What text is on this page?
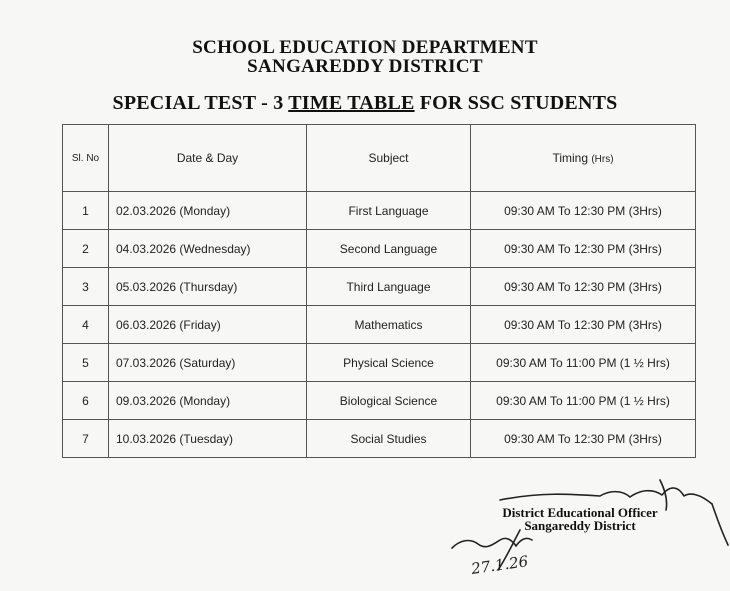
SCHOOL EDUCATION DEPARTMENT
SANGAREDDY DISTRICT
SPECIAL TEST - 3 TIME TABLE FOR SSC STUDENTS
Sl. No	Date & Day	Subject	Timing (Hrs)
1	02.03.2026 (Monday)	First Language	09:30 AM To 12:30 PM (3Hrs)
2	04.03.2026 (Wednesday)	Second Language	09:30 AM To 12:30 PM (3Hrs)
3	05.03.2026 (Thursday)	Third Language	09:30 AM To 12:30 PM (3Hrs)
4	06.03.2026 (Friday)	Mathematics	09:30 AM To 12:30 PM (3Hrs)
5	07.03.2026 (Saturday)	Physical Science	09:30 AM To 11:00 PM (1 ½ Hrs)
6	09.03.2026 (Monday)	Biological Science	09:30 AM To 11:00 PM (1 ½ Hrs)
7	10.03.2026 (Tuesday)	Social Studies	09:30 AM To 12:30 PM (3Hrs)
27.1.26
District Educational Officer
Sangareddy District
